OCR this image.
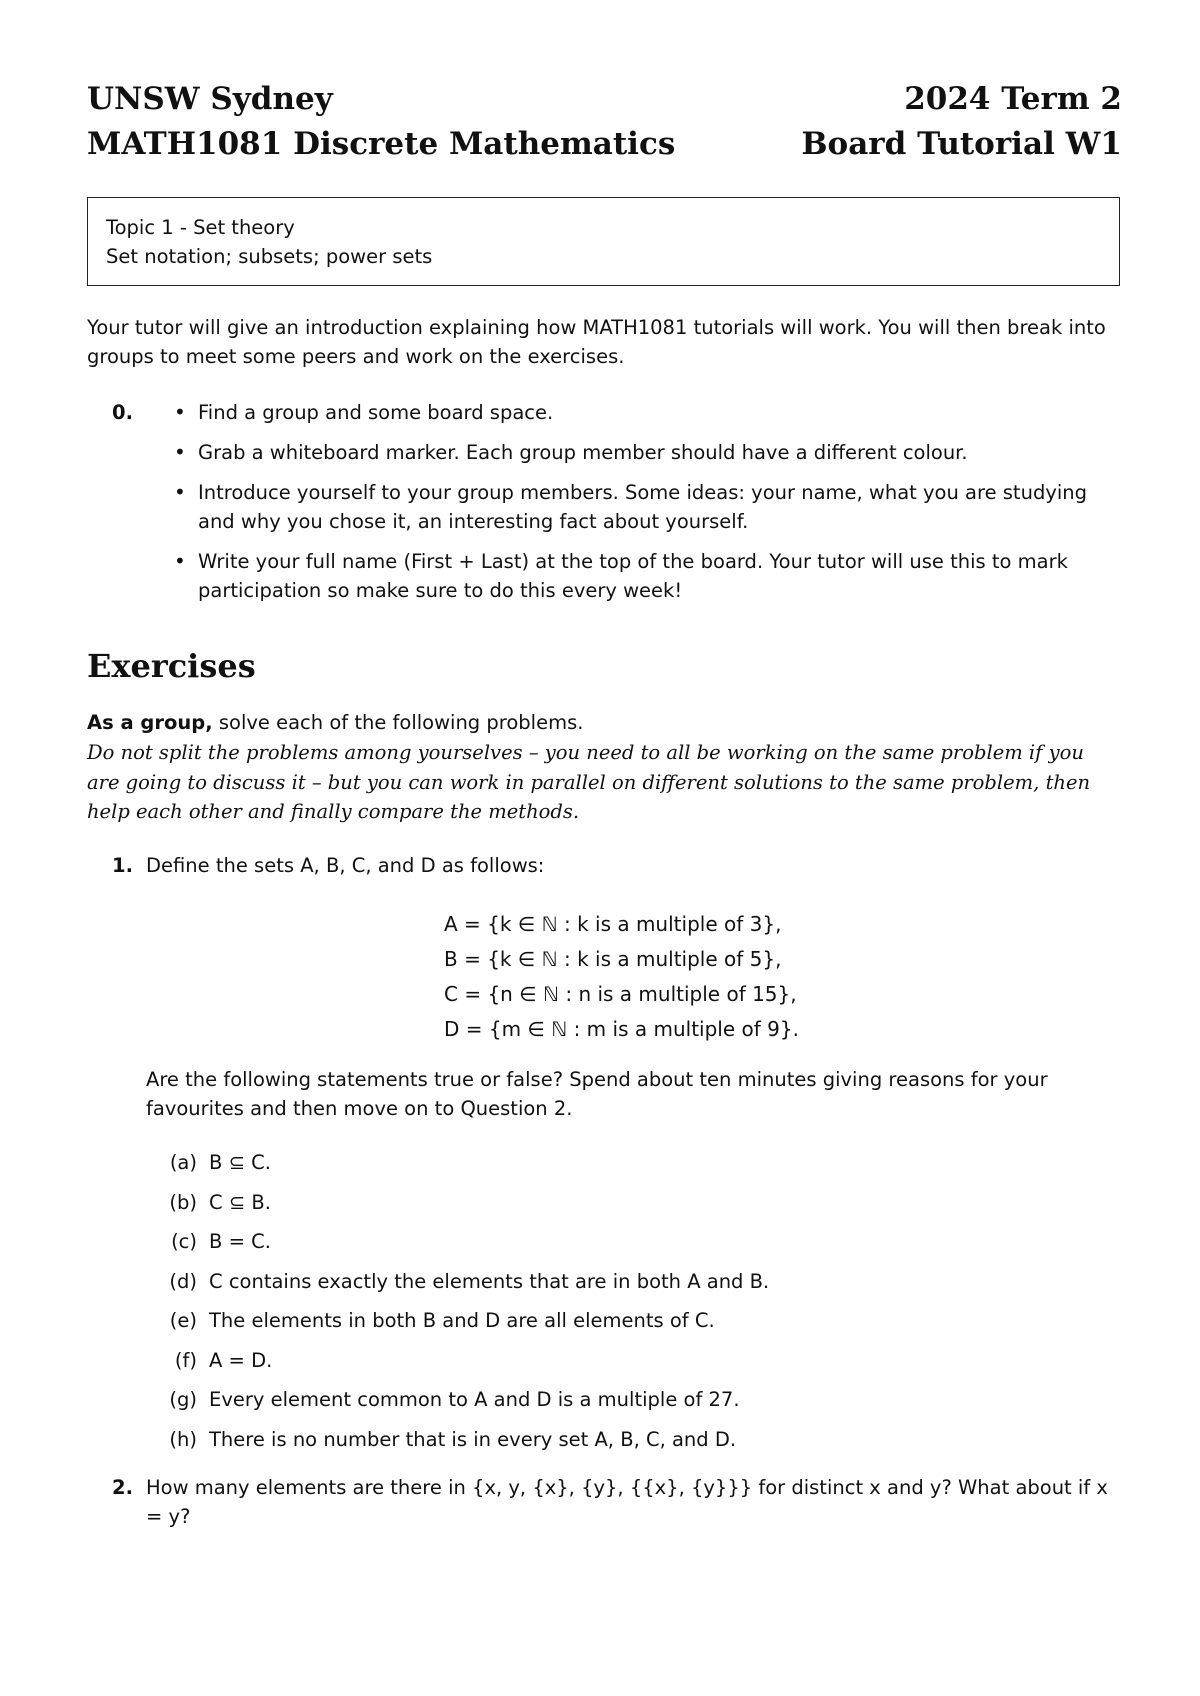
UNSW Sydney	2024 Term 2
MATH1081 Discrete Mathematics	Board Tutorial W1
Topic 1 - Set theory
Set notation; subsets; power sets
Your tutor will give an introduction explaining how MATH1081 tutorials will work. You will then break into groups to meet some peers and work on the exercises.
0.
•	Find a group and some board space.
• Grab a whiteboard marker. Each group member should have a different colour.
• Introduce yourself to your group members. Some ideas: your name, what you are studying and why you chose it, an interesting fact about yourself.
• Write your full name (First + Last) at the top of the board. Your tutor will use this to mark participation so make sure to do this every week!
Exercises
As a group, solve each of the following problems.
Do not split the problems among yourselves – you need to all be working on the same problem if you are going to discuss it – but you can work in parallel on different solutions to the same problem, then help each other and finally compare the methods.
1. Define the sets A, B, C, and D as follows:
A = {k ∈ ℕ : k is a multiple of 3},
B = {k ∈ ℕ : k is a multiple of 5},
C = {n ∈ ℕ : n is a multiple of 15},
D = {m ∈ ℕ : m is a multiple of 9}.
Are the following statements true or false? Spend about ten minutes giving reasons for your favourites and then move on to Question 2.
(a) B ⊆ C.
(b) C ⊆ B.
(c) B = C.
(d) C contains exactly the elements that are in both A and B.
(e) The elements in both B and D are all elements of C.
(f) A = D.
(g) Every element common to A and D is a multiple of 27.
(h) There is no number that is in every set A, B, C, and D.
2. How many elements are there in {x, y, {x}, {y}, {{x}, {y}}} for distinct x and y? What about if x = y?
